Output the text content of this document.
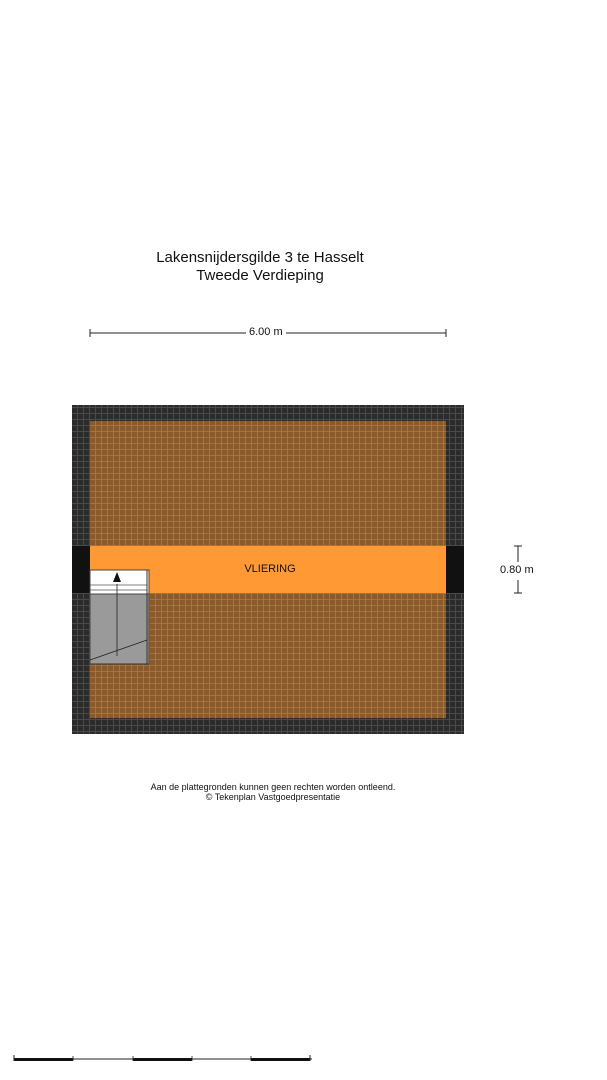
Lakensnijdersgilde 3 te Hasselt
Tweede Verdieping
6.00 m
0.80 m
VLIERING
Aan de plattegronden kunnen geen rechten worden ontleend.
© Tekenplan Vastgoedpresentatie
